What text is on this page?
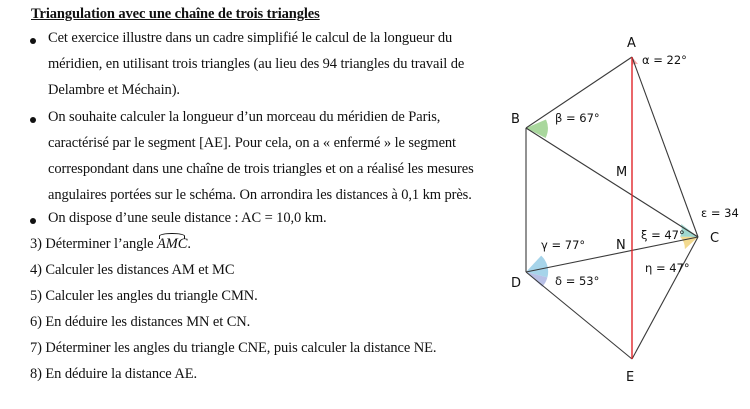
Triangulation avec une chaîne de trois triangles
Cet exercice illustre dans un cadre simplifié le calcul de la longueur du
méridien, en utilisant trois triangles (au lieu des 94 triangles du travail de
Delambre et Méchain).
On souhaite calculer la longueur d’un morceau du méridien de Paris,
caractérisé par le segment [AE]. Pour cela, on a « enfermé » le segment
correspondant dans une chaîne de trois triangles et on a réalisé les mesures
angulaires portées sur le schéma. On arrondira les distances à 0,1 km près.
On dispose d’une seule distance : AC = 10,0 km.
3) Déterminer l’angle
AMC.
4) Calculer les distances AM et MC
5) Calculer les angles du triangle CMN.
6) En déduire les distances MN et CN.
7) Déterminer les angles du triangle CNE, puis calculer la distance NE.
8) En déduire la distance AE.
A
B
M
N	C
D
E
α = 22°
β = 67°
γ = 77°
δ = 53°
ε = 34
ξ = 47°
η = 47°
